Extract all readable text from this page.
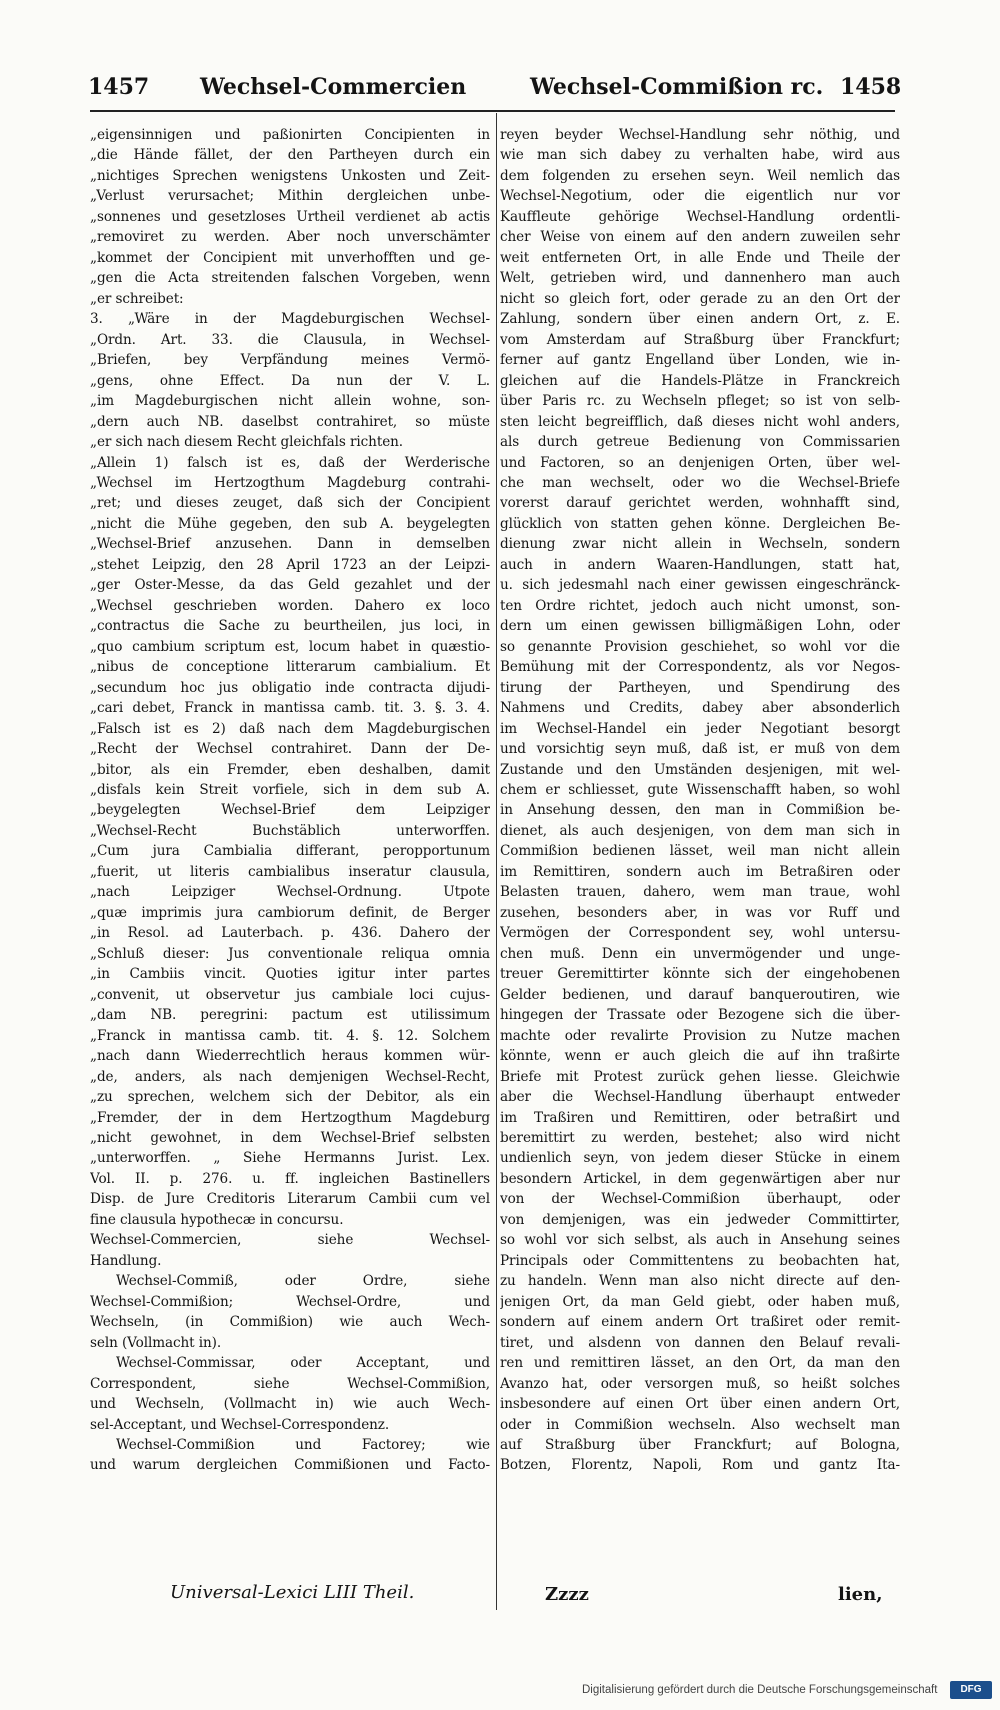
1457 Wechsel-Commercien	Wechsel-Commißion rc. 1458
„eigensinnigen und paßionirten Concipienten in
„die Hände fället, der den Partheyen durch ein
„nichtiges Sprechen wenigstens Unkosten und Zeit-
„Verlust verursachet; Mithin dergleichen unbe-
„sonnenes und gesetzloses Urtheil verdienet ab actis
„removiret zu werden. Aber noch unverschämter
„kommet der Concipient mit unverhofften und ge-
„gen die Acta streitenden falschen Vorgeben, wenn
„er schreibet:
3. „Wäre in der Magdeburgischen Wechsel-
„Ordn. Art. 33. die Clausula, in Wechsel-
„Briefen, bey Verpfändung meines Vermö-
„gens, ohne Effect. Da nun der V. L.
„im Magdeburgischen nicht allein wohne, son-
„dern auch NB. daselbst contrahiret, so müste
„er sich nach diesem Recht gleichfals richten.
„Allein 1) falsch ist es, daß der Werderische
„Wechsel im Hertzogthum Magdeburg contrahi-
„ret; und dieses zeuget, daß sich der Concipient
„nicht die Mühe gegeben, den sub A. beygelegten
„Wechsel-Brief anzusehen. Dann in demselben
„stehet Leipzig, den 28 April 1723 an der Leipzi-
„ger Oster-Messe, da das Geld gezahlet und der
„Wechsel geschrieben worden. Dahero ex loco
„contractus die Sache zu beurtheilen, jus loci, in
„quo cambium scriptum est, locum habet in quæstio-
„nibus de conceptione litterarum cambialium. Et
„secundum hoc jus obligatio inde contracta dijudi-
„cari debet, Franck in mantissa camb. tit. 3. §. 3. 4.
„Falsch ist es 2) daß nach dem Magdeburgischen
„Recht der Wechsel contrahiret. Dann der De-
„bitor, als ein Fremder, eben deshalben, damit
„disfals kein Streit vorfiele, sich in dem sub A.
„beygelegten Wechsel-Brief dem Leipziger
„Wechsel-Recht Buchstäblich unterworffen.
„Cum jura Cambialia differant, peropportunum
„fuerit, ut literis cambialibus inseratur clausula,
„nach Leipziger Wechsel-Ordnung. Utpote
„quæ imprimis jura cambiorum definit, de Berger
„in Resol. ad Lauterbach. p. 436. Dahero der
„Schluß dieser: Jus conventionale reliqua omnia
„in Cambiis vincit. Quoties igitur inter partes
„convenit, ut observetur jus cambiale loci cujus-
„dam NB. peregrini: pactum est utilissimum
„Franck in mantissa camb. tit. 4. §. 12. Solchem
„nach dann Wiederrechtlich heraus kommen wür-
„de, anders, als nach demjenigen Wechsel-Recht,
„zu sprechen, welchem sich der Debitor, als ein
„Fremder, der in dem Hertzogthum Magdeburg
„nicht gewohnet, in dem Wechsel-Brief selbsten
„unterworffen. „ Siehe Hermanns Jurist. Lex.
Vol. II. p. 276. u. ff. ingleichen Bastinellers
Disp. de Jure Creditoris Literarum Cambii cum vel
fine clausula hypothecæ in concursu.
Wechsel-Commercien, siehe Wechsel-
Handlung.
Wechsel-Commiß, oder Ordre, siehe
Wechsel-Commißion; Wechsel-Ordre, und
Wechseln, (in Commißion) wie auch Wech-
seln (Vollmacht in).
Wechsel-Commissar, oder Acceptant, und
Correspondent, siehe Wechsel-Commißion,
und Wechseln, (Vollmacht in) wie auch Wech-
sel-Acceptant, und Wechsel-Correspondenz.
Wechsel-Commißion und Factorey; wie
und warum dergleichen Commißionen und Facto-
reyen beyder Wechsel-Handlung sehr nöthig, und
wie man sich dabey zu verhalten habe, wird aus
dem folgenden zu ersehen seyn. Weil nemlich das
Wechsel-Negotium, oder die eigentlich nur vor
Kauffleute gehörige Wechsel-Handlung ordentli-
cher Weise von einem auf den andern zuweilen sehr
weit entferneten Ort, in alle Ende und Theile der
Welt, getrieben wird, und dannenhero man auch
nicht so gleich fort, oder gerade zu an den Ort der
Zahlung, sondern über einen andern Ort, z. E.
vom Amsterdam auf Straßburg über Franckfurt;
ferner auf gantz Engelland über Londen, wie in-
gleichen auf die Handels-Plätze in Franckreich
über Paris rc. zu Wechseln pfleget; so ist von selb-
sten leicht begreifflich, daß dieses nicht wohl anders,
als durch getreue Bedienung von Commissarien
und Factoren, so an denjenigen Orten, über wel-
che man wechselt, oder wo die Wechsel-Briefe
vorerst darauf gerichtet werden, wohnhafft sind,
glücklich von statten gehen könne. Dergleichen Be-
dienung zwar nicht allein in Wechseln, sondern
auch in andern Waaren-Handlungen, statt hat,
u. sich jedesmahl nach einer gewissen eingeschränck-
ten Ordre richtet, jedoch auch nicht umonst, son-
dern um einen gewissen billigmäßigen Lohn, oder
so genannte Provision geschiehet, so wohl vor die
Bemühung mit der Correspondentz, als vor Negos-
tirung der Partheyen, und Spendirung des
Nahmens und Credits, dabey aber absonderlich
im Wechsel-Handel ein jeder Negotiant besorgt
und vorsichtig seyn muß, daß ist, er muß von dem
Zustande und den Umständen desjenigen, mit wel-
chem er schliesset, gute Wissenschafft haben, so wohl
in Ansehung dessen, den man in Commißion be-
dienet, als auch desjenigen, von dem man sich in
Commißion bedienen lässet, weil man nicht allein
im Remittiren, sondern auch im Betraßiren oder
Belasten trauen, dahero, wem man traue, wohl
zusehen, besonders aber, in was vor Ruff und
Vermögen der Correspondent sey, wohl untersu-
chen muß. Denn ein unvermögender und unge-
treuer Geremittirter könnte sich der eingehobenen
Gelder bedienen, und darauf banqueroutiren, wie
hingegen der Trassate oder Bezogene sich die über-
machte oder revalirte Provision zu Nutze machen
könnte, wenn er auch gleich die auf ihn traßirte
Briefe mit Protest zurück gehen liesse. Gleichwie
aber die Wechsel-Handlung überhaupt entweder
im Traßiren und Remittiren, oder betraßirt und
beremittirt zu werden, bestehet; also wird nicht
undienlich seyn, von jedem dieser Stücke in einem
besondern Artickel, in dem gegenwärtigen aber nur
von der Wechsel-Commißion überhaupt, oder
von demjenigen, was ein jedweder Committirter,
so wohl vor sich selbst, als auch in Ansehung seines
Principals oder Committentens zu beobachten hat,
zu handeln. Wenn man also nicht directe auf den-
jenigen Ort, da man Geld giebt, oder haben muß,
sondern auf einem andern Ort traßiret oder remit-
tiret, und alsdenn von dannen den Belauf revali-
ren und remittiren lässet, an den Ort, da man den
Avanzo hat, oder versorgen muß, so heißt solches
insbesondere auf einen Ort über einen andern Ort,
oder in Commißion wechseln. Also wechselt man
auf Straßburg über Franckfurt; auf Bologna,
Botzen, Florentz, Napoli, Rom und gantz Ita-
Universal-Lexici LIII Theil.	Zzzz	lien,
Digitalisierung gefördert durch die Deutsche Forschungsgemeinschaft	DFG
